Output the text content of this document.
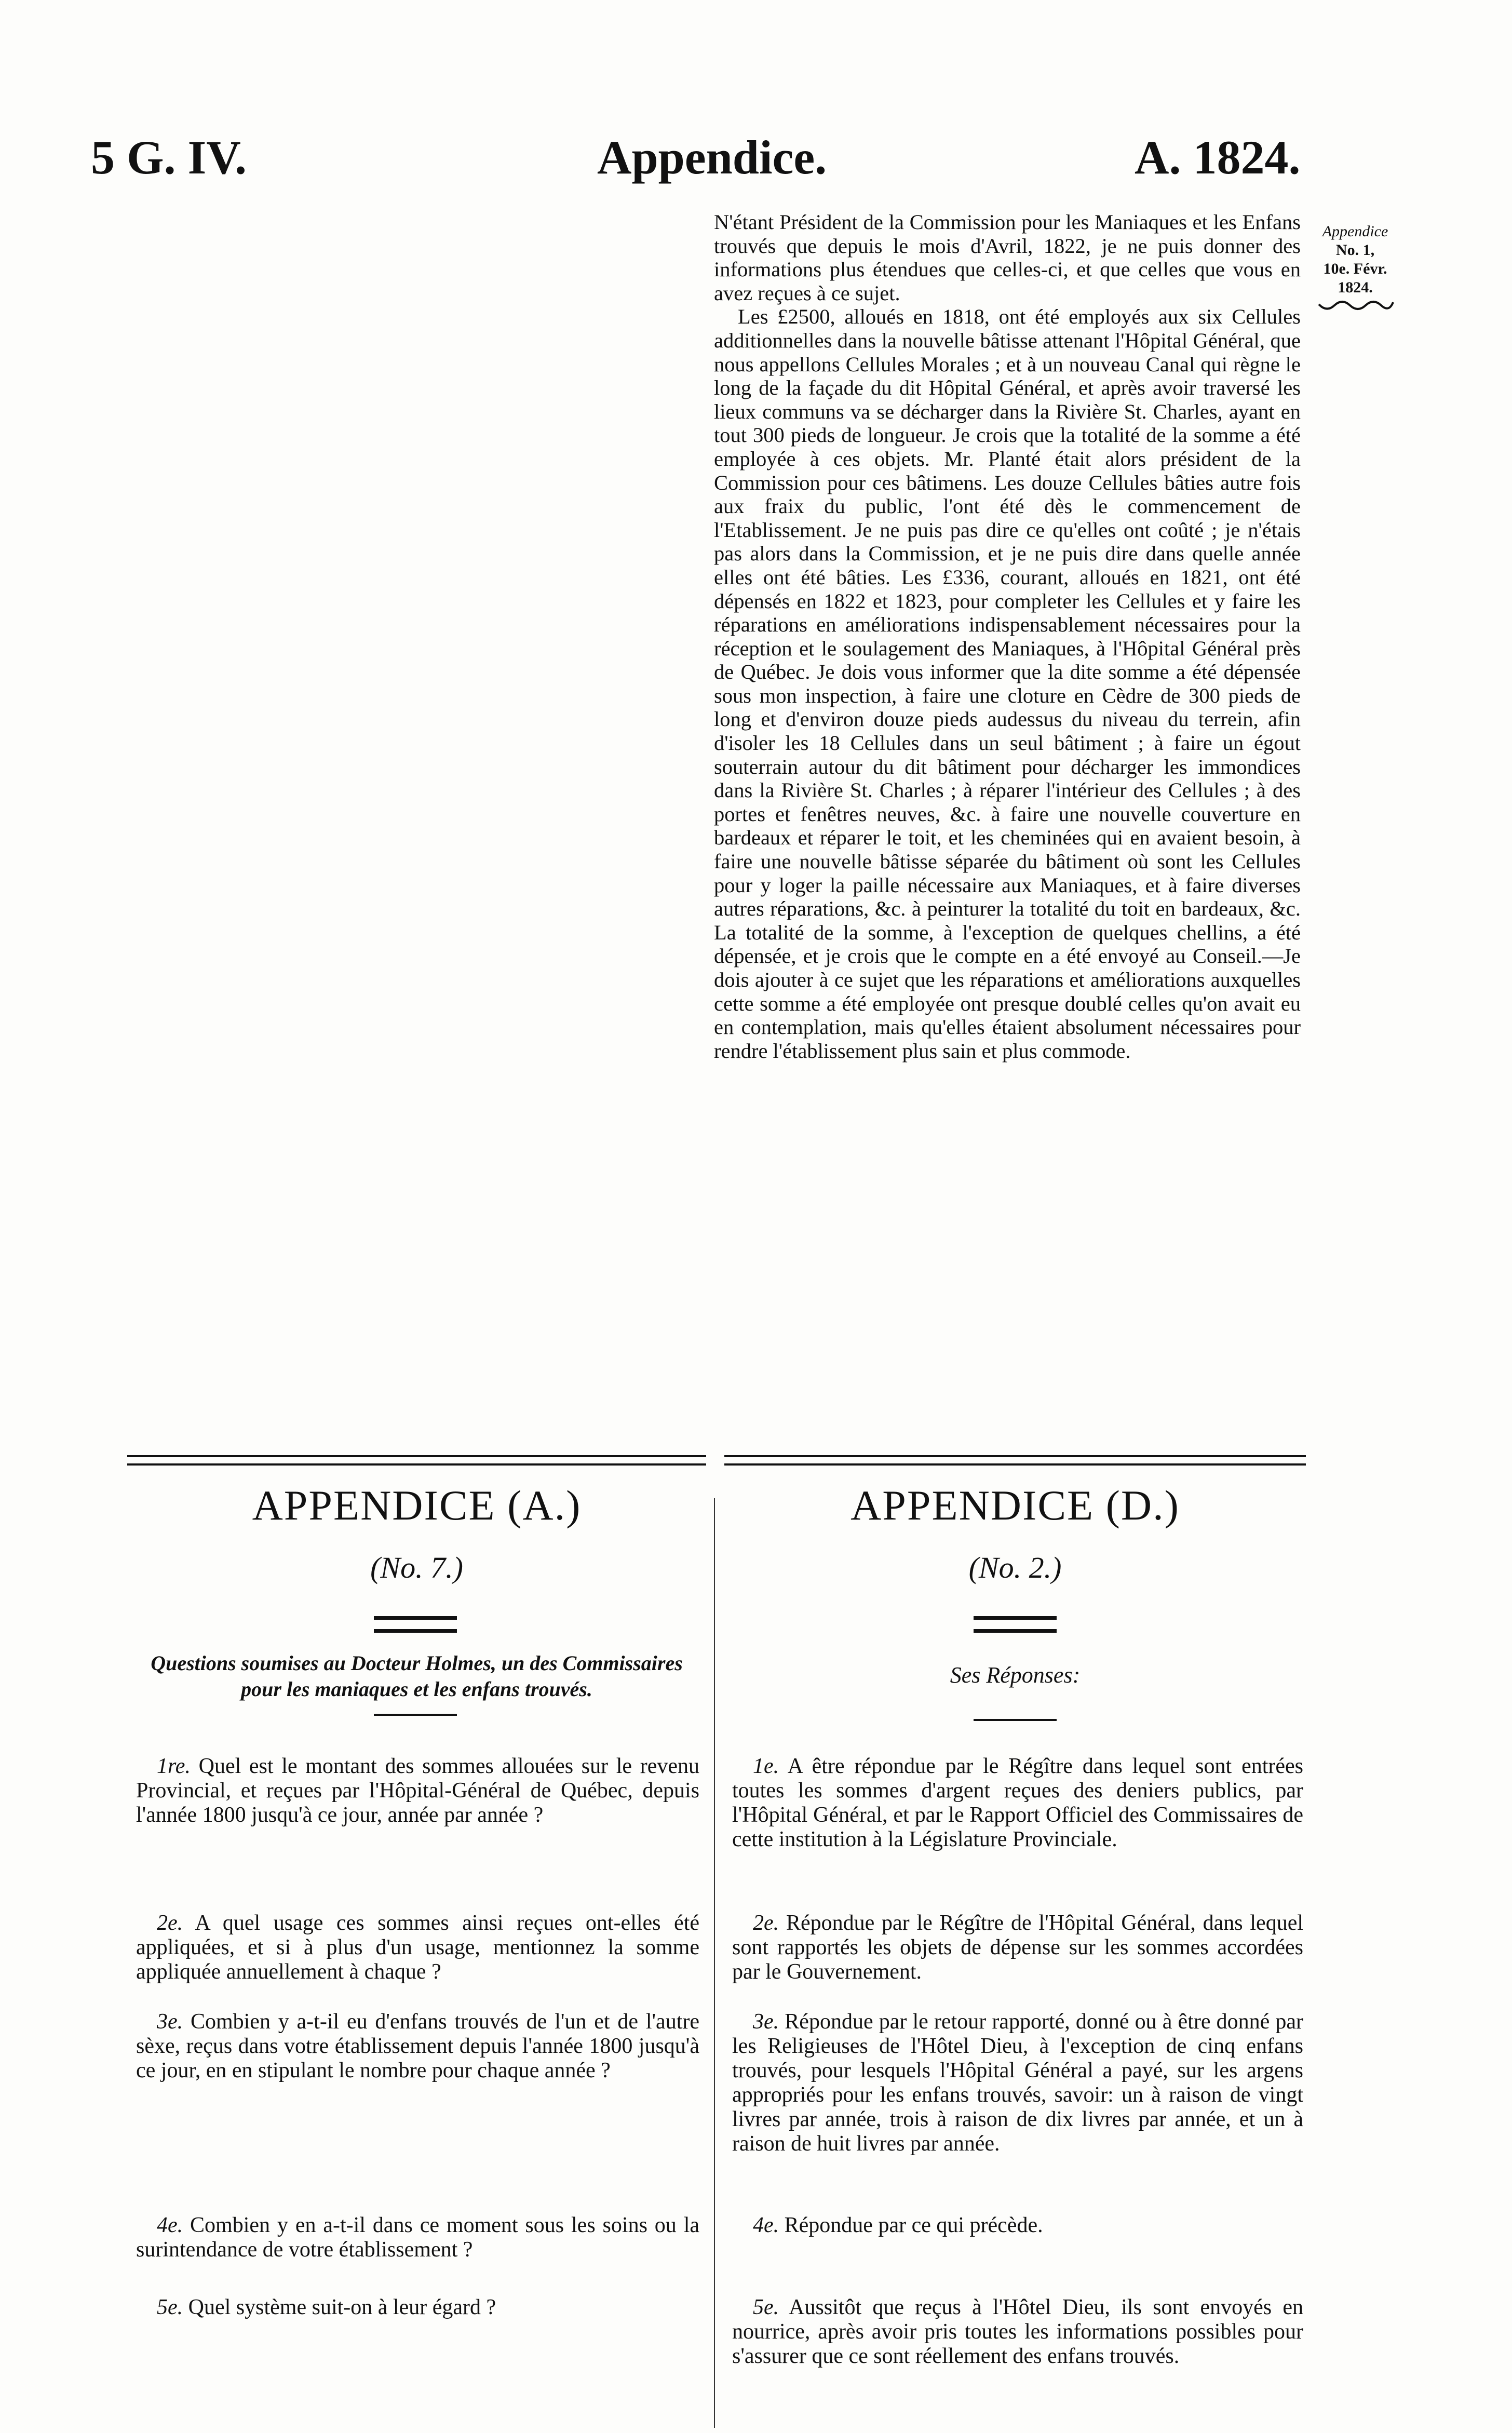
5 G. IV.	Appendice.	A. 1824.

N'étant Président de la Commission pour les Maniaques et les Enfans trouvés que depuis le mois d'Avril, 1822, je ne puis donner des informations plus étendues que celles-ci, et que celles que vous en avez reçues à ce sujet.

Les £2500, alloués en 1818, ont été employés aux six Cellules additionnelles dans la nouvelle bâtisse attenant l'Hôpital Général, que nous appellons Cellules Morales ; et à un nouveau Canal qui règne le long de la façade du dit Hôpital Général, et après avoir traversé les lieux communs va se décharger dans la Rivière St. Charles, ayant en tout 300 pieds de longueur. Je crois que la totalité de la somme a été employée à ces objets. Mr. Planté était alors président de la Commission pour ces bâtimens. Les douze Cellules bâties autre fois aux fraix du public, l'ont été dès le commencement de l'Etablissement. Je ne puis pas dire ce qu'elles ont coûté ; je n'étais pas alors dans la Commission, et je ne puis dire dans quelle année elles ont été bâties. Les £336, courant, alloués en 1821, ont été dépensés en 1822 et 1823, pour completer les Cellules et y faire les réparations en améliorations indispensablement nécessaires pour la réception et le soulagement des Maniaques, à l'Hôpital Général près de Québec. Je dois vous informer que la dite somme a été dépensée sous mon inspection, à faire une cloture en Cèdre de 300 pieds de long et d'environ douze pieds audessus du niveau du terrein, afin d'isoler les 18 Cellules dans un seul bâtiment ; à faire un égout souterrain autour du dit bâtiment pour décharger les immondices dans la Rivière St. Charles ; à réparer l'intérieur des Cellules ; à des portes et fenêtres neuves, &c. à faire une nouvelle couverture en bardeaux et réparer le toit, et les cheminées qui en avaient besoin, à faire une nouvelle bâtisse séparée du bâtiment où sont les Cellules pour y loger la paille nécessaire aux Maniaques, et à faire diverses autres réparations, &c. à peinturer la totalité du toit en bardeaux, &c. La totalité de la somme, à l'exception de quelques chellins, a été dépensée, et je crois que le compte en a été envoyé au Conseil.—Je dois ajouter à ce sujet que les réparations et améliorations auxquelles cette somme a été employée ont presque doublé celles qu'on avait eu en contemplation, mais qu'elles étaient absolument nécessaires pour rendre l'établissement plus sain et plus commode.

Appendice
No. 1,
10e. Févr.
1824.
APPENDICE (A.)
(No. 7.)
Questions soumises au Docteur Holmes, un des Commissaires pour les maniaques et les enfans trouvés.
APPENDICE (D.)
(No. 2.)
Ses Réponses:
1re. Quel est le montant des sommes allouées sur le revenu Provincial, et reçues par l'Hôpital-Général de Québec, depuis l'année 1800 jusqu'à ce jour, année par année ?
2e. A quel usage ces sommes ainsi reçues ont-elles été appliquées, et si à plus d'un usage, mentionnez la somme appliquée annuellement à chaque ?
3e. Combien y a-t-il eu d'enfans trouvés de l'un et de l'autre sèxe, reçus dans votre établissement depuis l'année 1800 jusqu'à ce jour, en en stipulant le nombre pour chaque année ?
4e. Combien y en a-t-il dans ce moment sous les soins ou la surintendance de votre établissement ?
5e. Quel système suit-on à leur égard ?
1e. A être répondue par le Régître dans lequel sont entrées toutes les sommes d'argent reçues des deniers publics, par l'Hôpital Général, et par le Rapport Officiel des Commissaires de cette institution à la Législature Provinciale.
2e. Répondue par le Régître de l'Hôpital Général, dans lequel sont rapportés les objets de dépense sur les sommes accordées par le Gouvernement.
3e. Répondue par le retour rapporté, donné ou à être donné par les Religieuses de l'Hôtel Dieu, à l'exception de cinq enfans trouvés, pour lesquels l'Hôpital Général a payé, sur les argens appropriés pour les enfans trouvés, savoir: un à raison de vingt livres par année, trois à raison de dix livres par année, et un à raison de huit livres par année.
4e. Répondue par ce qui précède.
5e. Aussitôt que reçus à l'Hôtel Dieu, ils sont envoyés en nourrice, après avoir pris toutes les informations possibles pour s'assurer que ce sont réellement des enfans trouvés.
